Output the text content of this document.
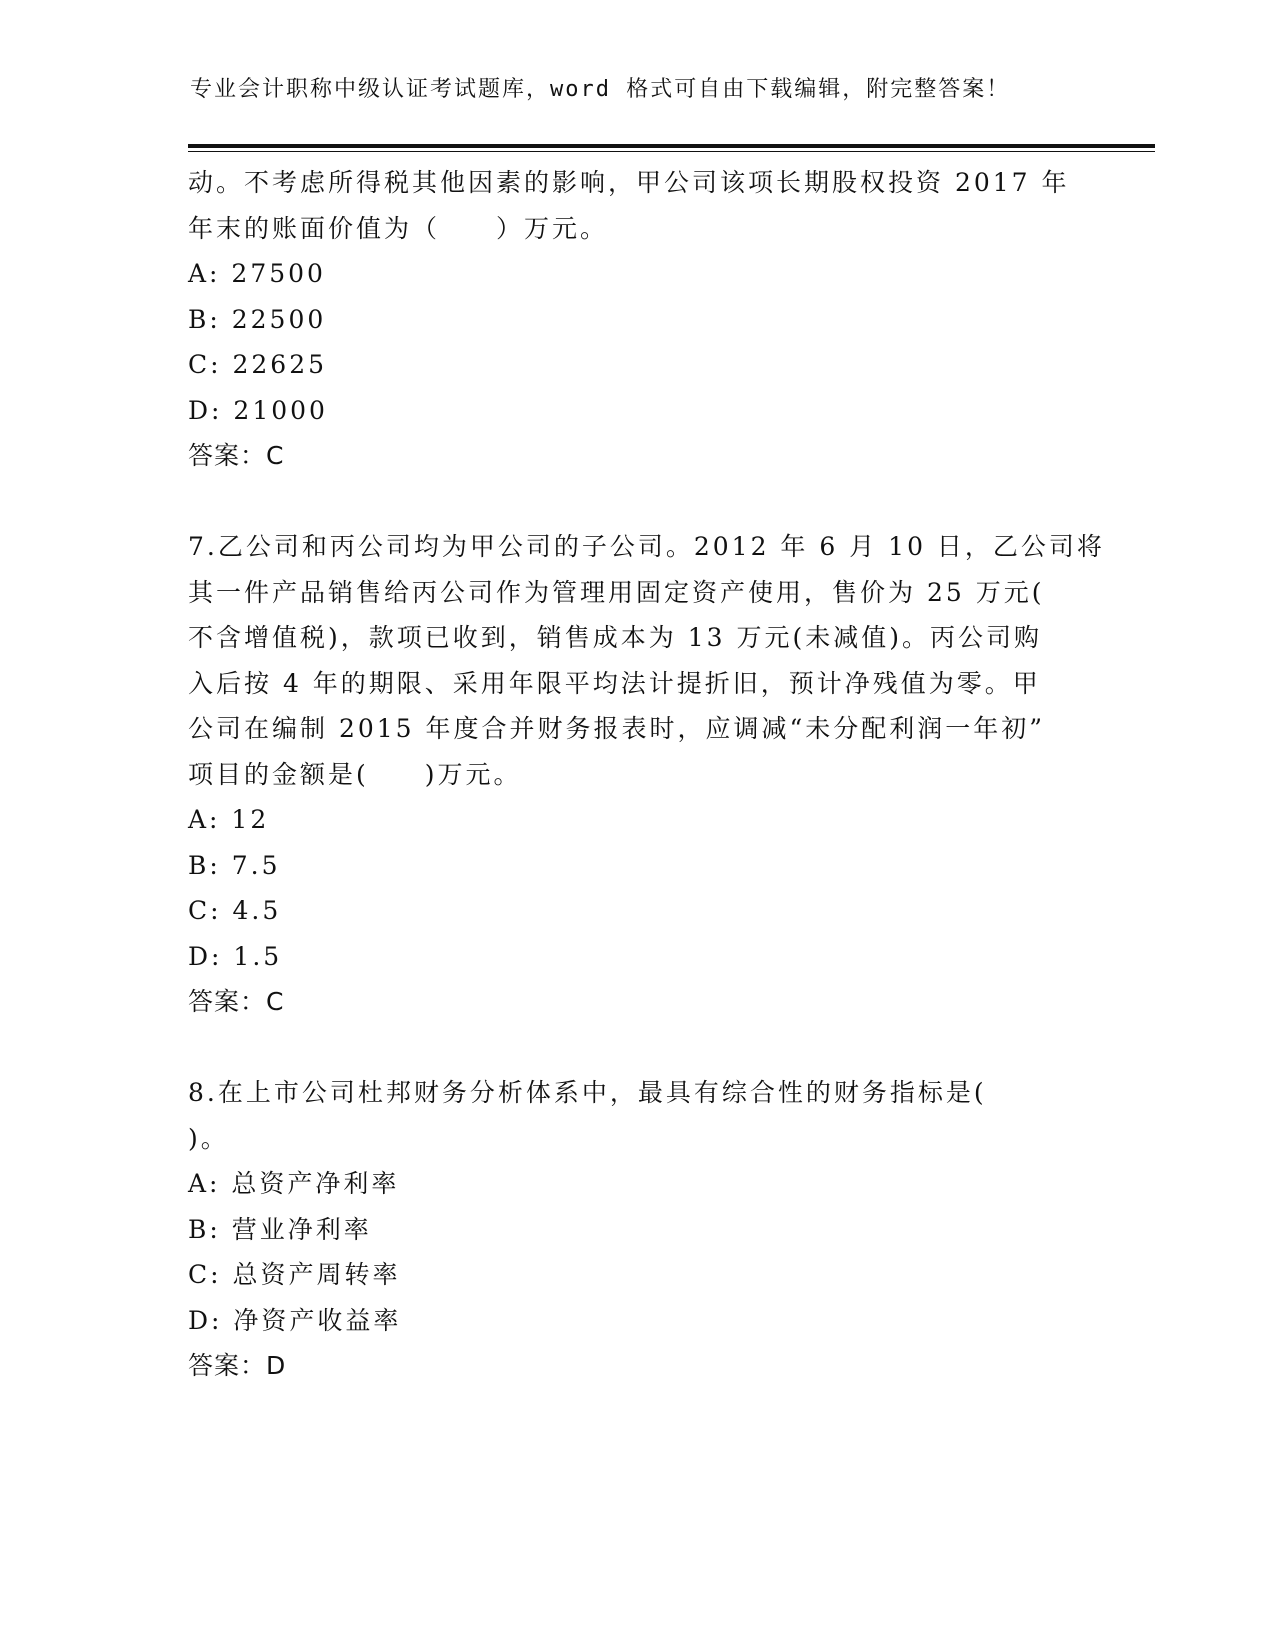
专业会计职称中级认证考试题库，word 格式可自由下载编辑，附完整答案！
动。不考虑所得税其他因素的影响，甲公司该项长期股权投资 2017 年
年末的账面价值为（　　）万元。
A: 27500
B: 22500
C: 22625
D: 21000
答案：C
7.乙公司和丙公司均为甲公司的子公司。2012 年 6 月 10 日，乙公司将
其一件产品销售给丙公司作为管理用固定资产使用，售价为 25 万元(
不含增值税)，款项已收到，销售成本为 13 万元(未减值)。丙公司购
入后按 4 年的期限、采用年限平均法计提折旧，预计净残值为零。甲
公司在编制 2015 年度合并财务报表时，应调减“未分配利润一年初”
项目的金额是(　　)万元。
A: 12
B: 7.5
C: 4.5
D: 1.5
答案：C
8.在上市公司杜邦财务分析体系中，最具有综合性的财务指标是(
)。
A: 总资产净利率
B: 营业净利率
C: 总资产周转率
D: 净资产收益率
答案：D
